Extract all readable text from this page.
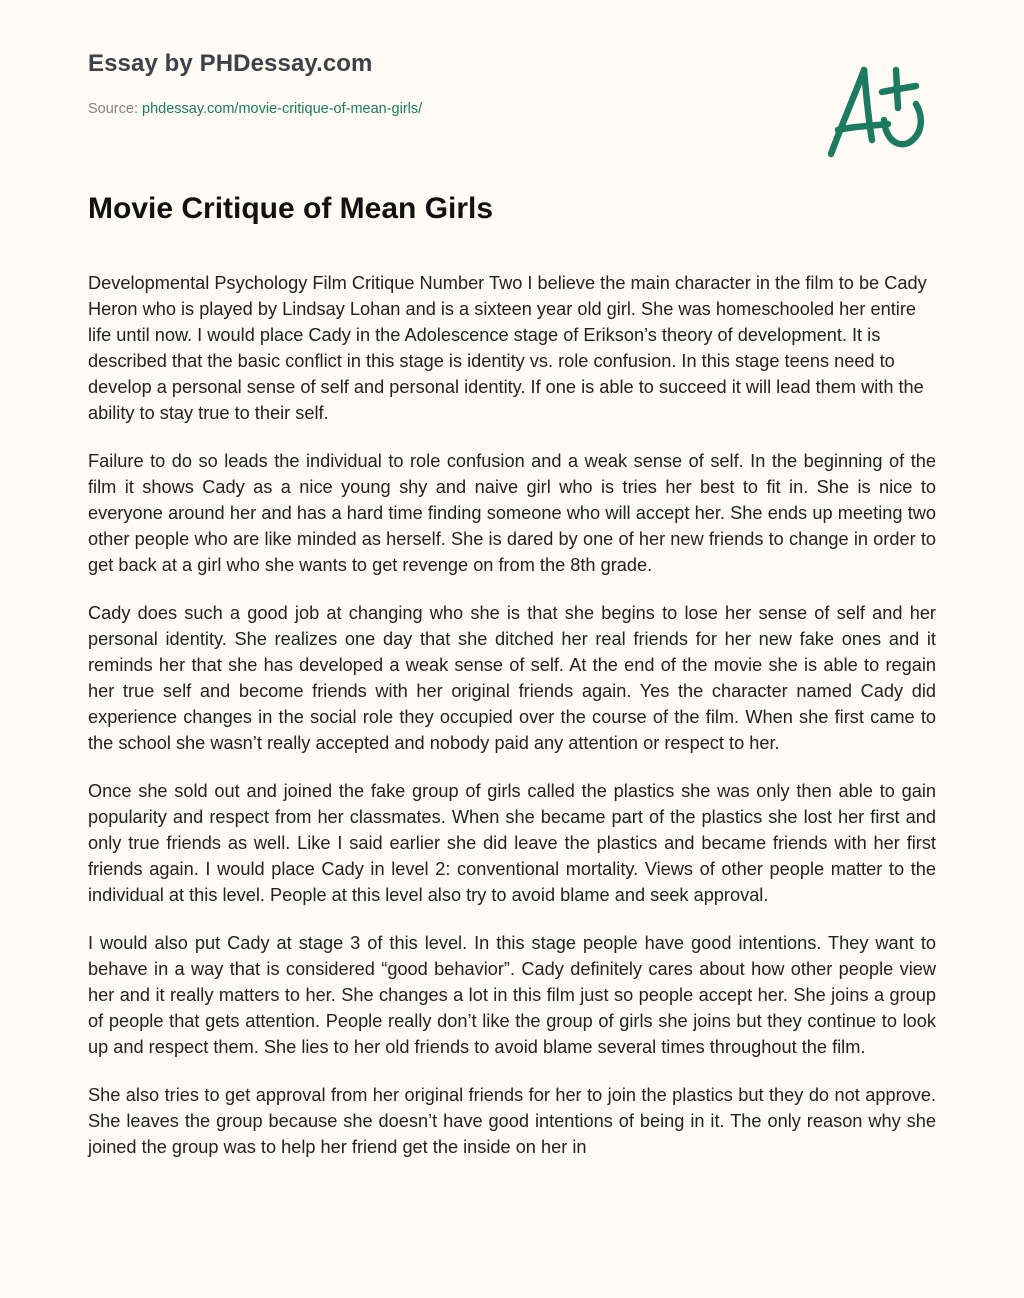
Essay by PHDessay.com
Source: phdessay.com/movie-critique-of-mean-girls/
Movie Critique of Mean Girls

Developmental Psychology Film Critique Number Two I believe the main character in the film to be Cady Heron who is played by Lindsay Lohan and is a sixteen year old girl. She was homeschooled her entire life until now. I would place Cady in the Adolescence stage of Erikson’s theory of development. It is described that the basic conflict in this stage is identity vs. role confusion. In this stage teens need to develop a personal sense of self and personal identity. If one is able to succeed it will lead them with the ability to stay true to their self.

Failure to do so leads the individual to role confusion and a weak sense of self. In the beginning of the film it shows Cady as a nice young shy and naive girl who is tries her best to fit in. She is nice to everyone around her and has a hard time finding someone who will accept her. She ends up meeting two other people who are like minded as herself. She is dared by one of her new friends to change in order to get back at a girl who she wants to get revenge on from the 8th grade.

Cady does such a good job at changing who she is that she begins to lose her sense of self and her personal identity. She realizes one day that she ditched her real friends for her new fake ones and it reminds her that she has developed a weak sense of self. At the end of the movie she is able to regain her true self and become friends with her original friends again. Yes the character named Cady did experience changes in the social role they occupied over the course of the film. When she first came to the school she wasn’t really accepted and nobody paid any attention or respect to her.

Once she sold out and joined the fake group of girls called the plastics she was only then able to gain popularity and respect from her classmates. When she became part of the plastics she lost her first and only true friends as well. Like I said earlier she did leave the plastics and became friends with her first friends again. I would place Cady in level 2: conventional mortality. Views of other people matter to the individual at this level. People at this level also try to avoid blame and seek approval.

I would also put Cady at stage 3 of this level. In this stage people have good intentions. They want to behave in a way that is considered “good behavior”. Cady definitely cares about how other people view her and it really matters to her. She changes a lot in this film just so people accept her. She joins a group of people that gets attention. People really don’t like the group of girls she joins but they continue to look up and respect them. She lies to her old friends to avoid blame several times throughout the film.

She also tries to get approval from her original friends for her to join the plastics but they do not approve. She leaves the group because she doesn’t have good intentions of being in it. The only reason why she joined the group was to help her friend get the inside on her in
